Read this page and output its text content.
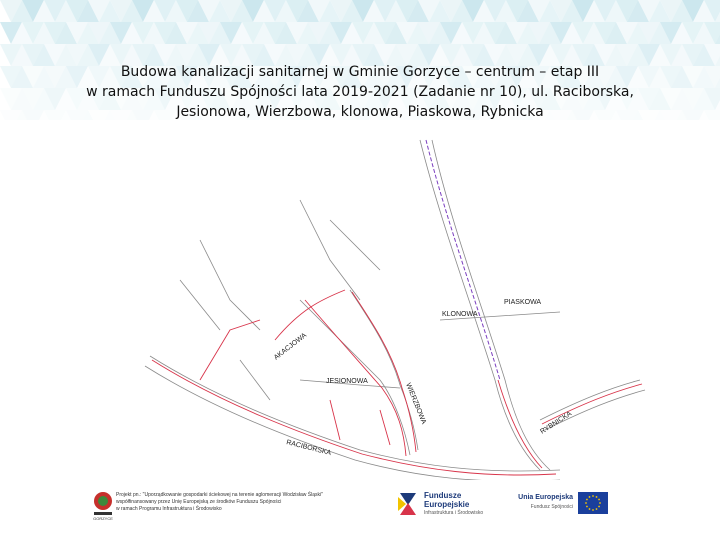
Budowa kanalizacji sanitarnej w Gminie Gorzyce – centrum – etap III
w ramach Funduszu Spójności lata 2019-2021 (Zadanie nr 10), ul. Raciborska,
Jesionowa, Wierzbowa, klonowa, Piaskowa, Rybnicka
PIASKOWA
KLONOWA
AKACJOWA
JESIONOWA
WIERZBOWA	RYBNICKA
RACIBORSKA
GORZYCE
Projekt pn.: "Uporządkowanie gospodarki ściekowej na terenie aglomeracji Wodzisław Śląski"
współfinansowany przez Unię Europejską ze środków Funduszu Spójności
w ramach Programu Infrastruktura i Środowisko
Fundusze
Europejskie
Infrastruktura i Środowisko
Unia Europejska
Fundusz Spójności
